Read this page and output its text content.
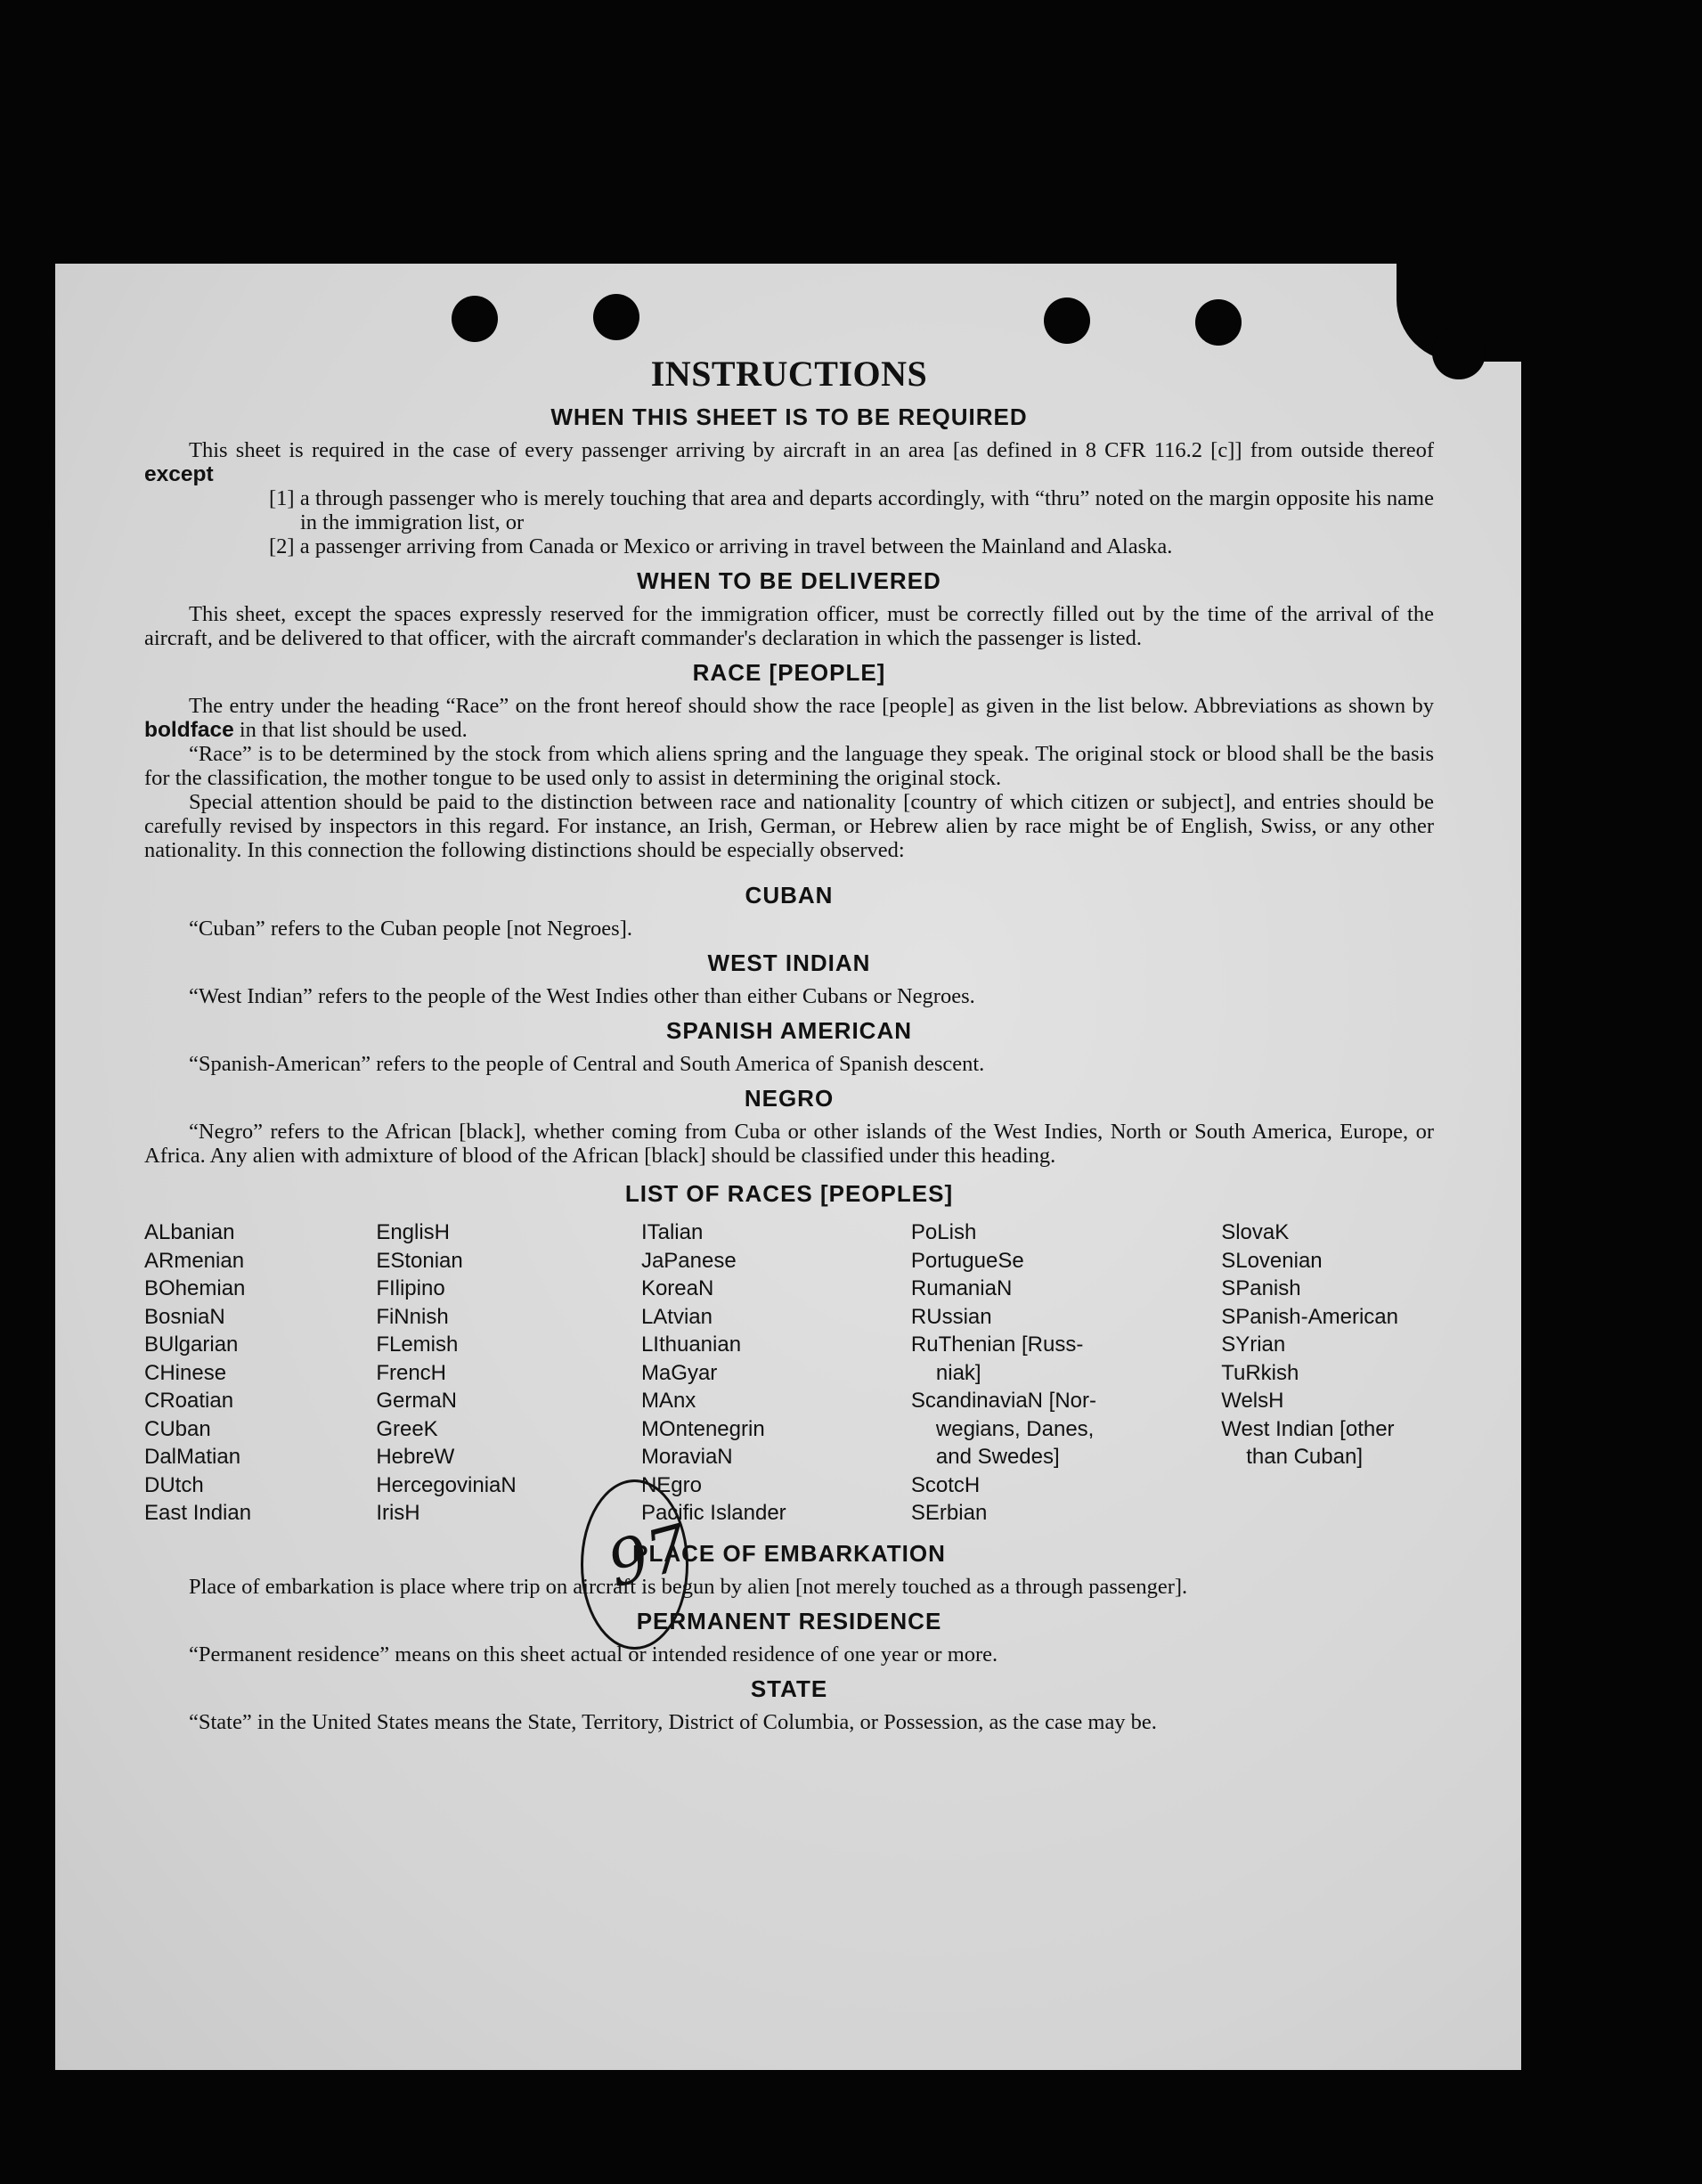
INSTRUCTIONS
WHEN THIS SHEET IS TO BE REQUIRED

This sheet is required in the case of every passenger arriving by aircraft in an area [as defined in 8 CFR 116.2 [c]] from outside thereof except

[1] a through passenger who is merely touching that area and departs accordingly, with “thru” noted on the margin opposite his name in the immigration list, or
[2] a passenger arriving from Canada or Mexico or arriving in travel between the Mainland and Alaska.
WHEN TO BE DELIVERED

This sheet, except the spaces expressly reserved for the immigration officer, must be correctly filled out by the time of the arrival of the aircraft, and be delivered to that officer, with the aircraft commander's declaration in which the passenger is listed.

RACE [PEOPLE]

The entry under the heading “Race” on the front hereof should show the race [people] as given in the list below. Abbreviations as shown by boldface in that list should be used.

“Race” is to be determined by the stock from which aliens spring and the language they speak. The original stock or blood shall be the basis for the classification, the mother tongue to be used only to assist in determining the original stock.

Special attention should be paid to the distinction between race and nationality [country of which citizen or subject], and entries should be carefully revised by inspectors in this regard. For instance, an Irish, German, or Hebrew alien by race might be of English, Swiss, or any other nationality. In this connection the following distinctions should be especially observed:

CUBAN

“Cuban” refers to the Cuban people [not Negroes].

WEST INDIAN

“West Indian” refers to the people of the West Indies other than either Cubans or Negroes.

SPANISH AMERICAN

“Spanish-American” refers to the people of Central and South America of Spanish descent.

NEGRO

“Negro” refers to the African [black], whether coming from Cuba or other islands of the West Indies, North or South America, Europe, or Africa. Any alien with admixture of blood of the African [black] should be classified under this heading.

LIST OF RACES [PEOPLES]
ALbanian
ARmenian
BOhemian
BosniaN
BUlgarian
CHinese
CRoatian
CUban
DalMatian
DUtch
East Indian
EnglisH
EStonian
FIlipino
FiNnish
FLemish
FrencH
GermaN
GreeK
HebreW
HercegoviniaN
IrisH
ITalian
JaPanese
KoreaN
LAtvian
LIthuanian
MaGyar
MAnx
MOntenegrin
MoraviaN
NEgro
Pacific Islander
PoLish
PortugueSe
RumaniaN
RUssian
RuThenian [Russ-
niak]
ScandinaviaN [Nor-
wegians, Danes,
and Swedes]
ScotcH
SErbian
SlovaK
SLovenian
SPanish
SPanish-American
SYrian
TuRkish
WelsH
West Indian [other
than Cuban]
PLACE OF EMBARKATION

Place of embarkation is place where trip on aircraft is begun by alien [not merely touched as a through passenger].

PERMANENT RESIDENCE

“Permanent residence” means on this sheet actual or intended residence of one year or more.

STATE

“State” in the United States means the State, Territory, District of Columbia, or Possession, as the case may be.

97
